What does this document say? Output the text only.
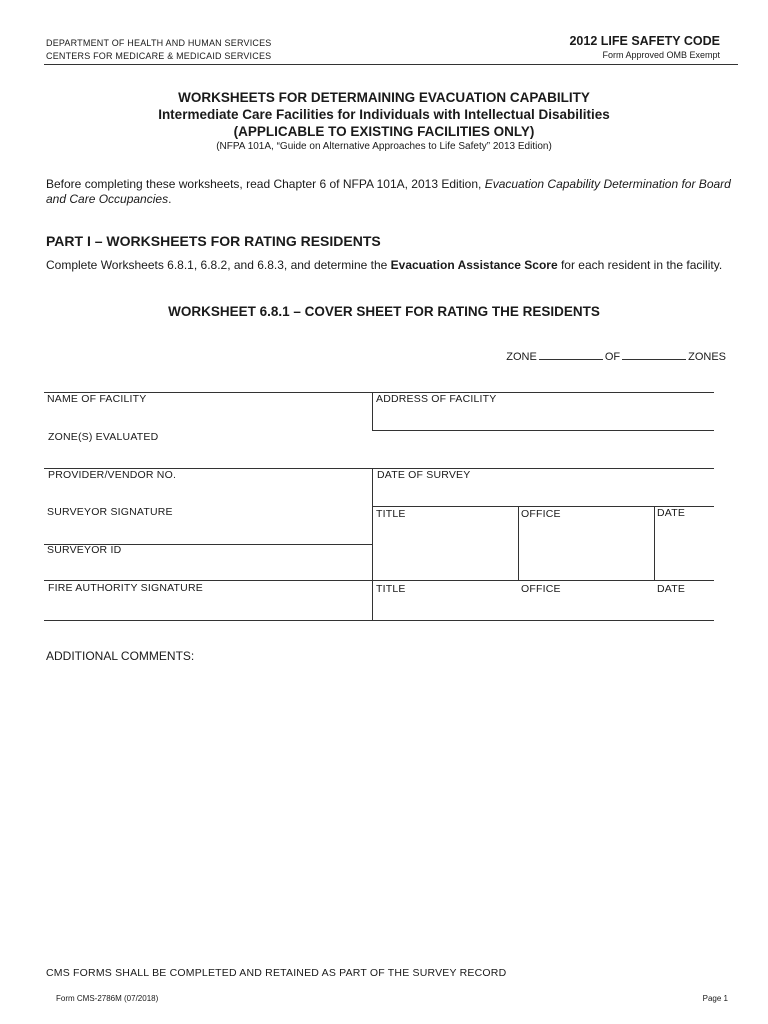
DEPARTMENT OF HEALTH AND HUMAN SERVICES
CENTERS FOR MEDICARE & MEDICAID SERVICES
2012 LIFE SAFETY CODE
Form Approved OMB Exempt
WORKSHEETS FOR DETERMAINING EVACUATION CAPABILITY
Intermediate Care Facilities for Individuals with Intellectual Disabilities
(APPLICABLE TO EXISTING FACILITIES ONLY)
(NFPA 101A, “Guide on Alternative Approaches to Life Safety” 2013 Edition)
Before completing these worksheets, read Chapter 6 of NFPA 101A, 2013 Edition, Evacuation Capability Determination for Board and Care Occupancies.
PART I – WORKSHEETS FOR RATING RESIDENTS
Complete Worksheets 6.8.1, 6.8.2, and 6.8.3, and determine the Evacuation Assistance Score for each resident in the facility.
WORKSHEET 6.8.1 – COVER SHEET FOR RATING THE RESIDENTS
ZONE	OF	ZONES
NAME OF FACILITY	ADDRESS OF FACILITY
ZONE(S) EVALUATED
PROVIDER/VENDOR NO.	DATE OF SURVEY
SURVEYOR SIGNATURE	TITLE	OFFICE	DATE
SURVEYOR ID
FIRE AUTHORITY SIGNATURE	TITLE	OFFICE	DATE
ADDITIONAL COMMENTS:
CMS FORMS SHALL BE COMPLETED AND RETAINED AS PART OF THE SURVEY RECORD
Form CMS-2786M (07/2018)	Page 1
